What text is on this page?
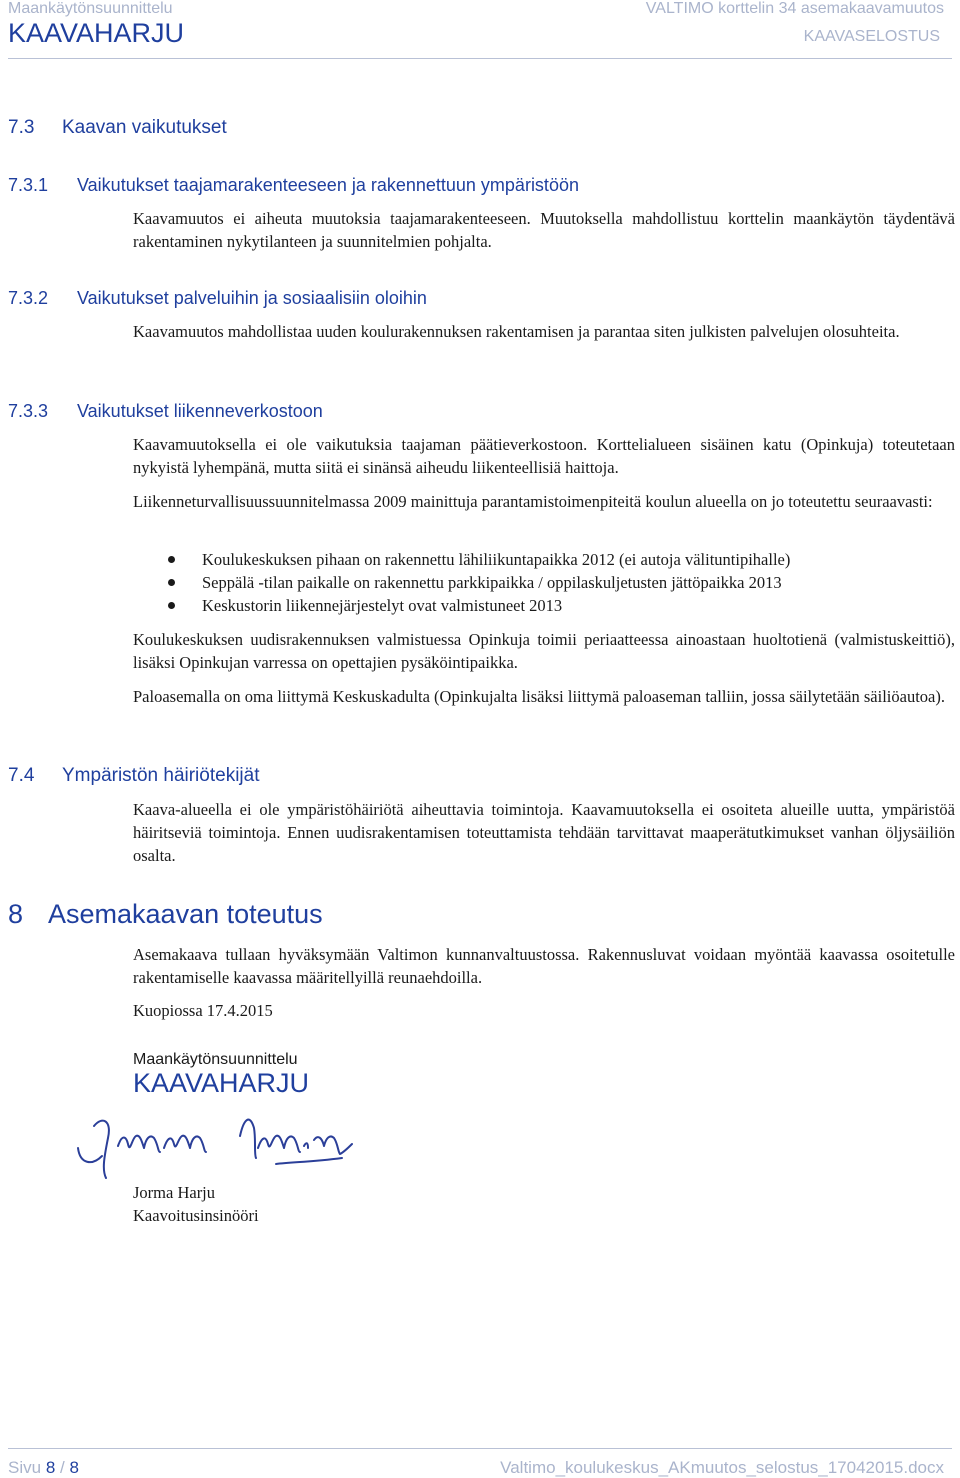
Maankäytönsuunnittelu
KAAVAHARJU
VALTIMO korttelin 34 asemakaavamuutos
KAAVASELOSTUS
7.3 Kaavan vaikutukset
7.3.1 Vaikutukset taajamarakenteeseen ja rakennettuun ympäristöön
Kaavamuutos ei aiheuta muutoksia taajamarakenteeseen. Muutoksella mahdollistuu korttelin maankäytön täydentävä rakentaminen nykytilanteen ja suunnitelmien pohjalta.
7.3.2 Vaikutukset palveluihin ja sosiaalisiin oloihin
Kaavamuutos mahdollistaa uuden koulurakennuksen rakentamisen ja parantaa siten julkisten palvelujen olosuhteita.
7.3.3 Vaikutukset liikenneverkostoon
Kaavamuutoksella ei ole vaikutuksia taajaman päätieverkostoon. Korttelialueen sisäinen katu (Opinkuja) toteutetaan nykyistä lyhempänä, mutta siitä ei sinänsä aiheudu liikenteellisiä haittoja.
Liikenneturvallisuussuunnitelmassa 2009 mainittuja parantamistoimenpiteitä koulun alueella on jo toteutettu seuraavasti:
Koulukeskuksen pihaan on rakennettu lähiliikuntapaikka 2012 (ei autoja välituntipihalle)
Seppälä -tilan paikalle on rakennettu parkkipaikka / oppilaskuljetusten jättöpaikka 2013
Keskustorin liikennejärjestelyt ovat valmistuneet 2013
Koulukeskuksen uudisrakennuksen valmistuessa Opinkuja toimii periaatteessa ainoastaan huoltotienä (valmistuskeittiö), lisäksi Opinkujan varressa on opettajien pysäköintipaikka.
Paloasemalla on oma liittymä Keskuskadulta (Opinkujalta lisäksi liittymä paloaseman talliin, jossa säilytetään säiliöautoa).
7.4 Ympäristön häiriötekijät
Kaava-alueella ei ole ympäristöhäiriötä aiheuttavia toimintoja. Kaavamuutoksella ei osoiteta alueille uutta, ympäristöä häiritseviä toimintoja. Ennen uudisrakentamisen toteuttamista tehdään tarvittavat maaperätutkimukset vanhan öljysäiliön osalta.
8 Asemakaavan toteutus
Asemakaava tullaan hyväksymään Valtimon kunnanvaltuustossa. Rakennusluvat voidaan myöntää kaavassa osoitetulle rakentamiselle kaavassa määritellyillä reunaehdoilla.
Kuopiossa 17.4.2015
Maankäytönsuunnittelu
KAAVAHARJU
Jorma Harju
Kaavoitusinsinööri
Sivu 8 / 8	Valtimo_koulukeskus_AKmuutos_selostus_17042015.docx
